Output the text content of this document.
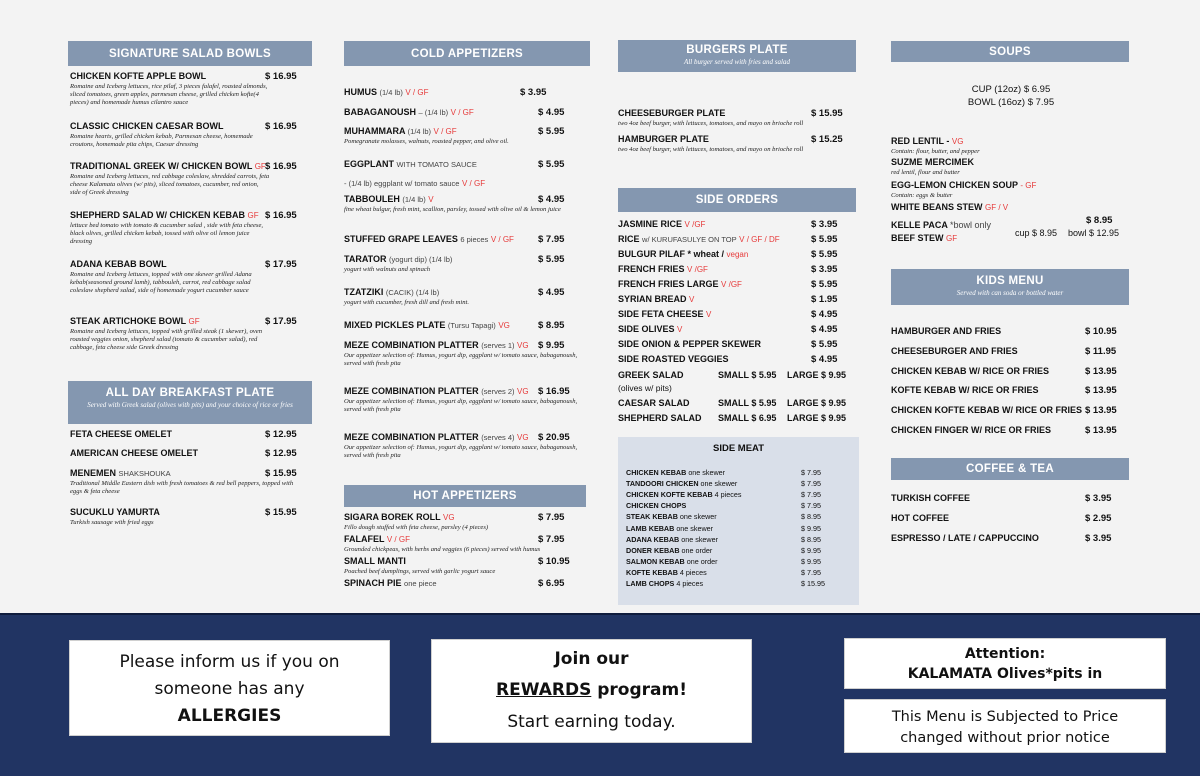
SIGNATURE SALAD BOWLS
CHICKEN KOFTE APPLE BOWL	$ 16.95
Romaine and Iceberg lettuces, rice pilaf, 3 pieces falafel, roasted almonds, sliced tomatoes, green apples, parmesan cheese, grilled chicken kofte(4 pieces) and homemade humus cilantro sauce
CLASSIC CHICKEN CAESAR BOWL	$ 16.95
Romaine hearts, grilled chicken kebab, Parmesan cheese, homemade croutons, homemade pita chips, Caesar dressing
TRADITIONAL GREEK W/ CHICKEN BOWL GF $ 16.95
Romaine and Iceberg lettuces, red cabbage coleslaw, shredded carrots, feta cheese Kalamata olives (w/ pits), sliced tomatoes, cucumber, red onion, side of Greek dressing
SHEPHERD SALAD W/ CHICKEN KEBAB GF $ 16.95
lettuce bed tomato with tomato & cucumber salad , side with feta cheese, black olives, grilled chicken kebab, tossed with olive oil lemon juice dressing
ADANA KEBAB BOWL	$ 17.95
Romaine and Iceberg lettuces, topped with one skewer grilled Adana kebab(seasoned ground lamb), tabbouleh, carrot, red cabbage salad coleslaw shepherd salad, side of homemade yogurt cucumber sauce
STEAK ARTICHOKE BOWL GF	$ 17.95
Romaine and Iceberg lettuces, topped with grilled steak (1 skewer), oven roasted veggies onion, shepherd salad (tomato & cucumber salad), red cabbage, feta cheese side Greek dressing
ALL DAY BREAKFAST PLATE
Served with Greek salad (olives with pits) and your choice of rice or fries
FETA CHEESE OMELET	$ 12.95
AMERICAN CHEESE OMELET	$ 12.95
MENEMEN SHAKSHOUKA	$ 15.95
Traditional Middle Eastern dish with fresh tomatoes & red bell peppers, topped with eggs & feta cheese
SUCUKLU YAMURTA	$ 15.95
Turkish sausage with fried eggs
COLD APPETIZERS
HUMUS (1/4 lb) V / GF	$ 3.95
BABAGANOUSH – (1/4 lb) V / GF	$ 4.95
MUHAMMARA (1/4 lb) V / GF	$ 5.95
Pomegranate molasses, walnuts, roasted pepper, and olive oil.
EGGPLANT WITH TOMATO SAUCE	$ 5.95
- (1/4 lb) eggplant w/ tomato sauce V / GF
TABBOULEH (1/4 lb) V	$ 4.95
fine wheat bulgur, fresh mint, scallion, parsley, tossed with olive oil & lemon juice
STUFFED GRAPE LEAVES 6 pieces V / GF	$ 7.95
TARATOR (yogurt dip) (1/4 lb)	$ 5.95
yogurt with walnuts and spinach
TZATZIKI (CACIK) (1/4 lb)	$ 4.95
yogurt with cucumber, fresh dill and fresh mint.
MIXED PICKLES PLATE (Tursu Tapagi) VG	$ 8.95
MEZE COMBINATION PLATTER (serves 1) VG $ 9.95
Our appetizer selection of: Humus, yogurt dip, eggplant w/ tomato sauce, babaganoush, served with fresh pita
MEZE COMBINATION PLATTER (serves 2) VG $ 16.95
Our appetizer selection of: Humus, yogurt dip, eggplant w/ tomato sauce, babaganoush, served with fresh pita
MEZE COMBINATION PLATTER (serves 4) VG $ 20.95
Our appetizer selection of: Humus, yogurt dip, eggplant w/ tomato sauce, babaganoush, served with fresh pita
HOT APPETIZERS
SIGARA BOREK ROLL VG	$ 7.95
Fillo dough stuffed with feta cheese, parsley (4 pieces)
FALAFEL V / GF	$ 7.95
Grounded chickpeas, with herbs and veggies (6 pieces) served with humus
SMALL MANTI	$ 10.95
Poached beef dumplings, served with garlic yogurt sauce
SPINACH PIE one piece	$ 6.95
BURGERS PLATE
All burger served with fries and salad
CHEESEBURGER PLATE	$ 15.95
two 4oz beef burger, with lettuces, tomatoes, and mayo on brioche roll
HAMBURGER PLATE	$ 15.25
two 4oz beef burger, with lettuces, tomatoes, and mayo on brioche roll
SIDE ORDERS
JASMINE RICE V /GF	$ 3.95
RICE w/ KURUFASULYE ON TOP V / GF / DF	$ 5.95
BULGUR PILAF * wheat / vegan	$ 5.95
FRENCH FRIES V /GF	$ 3.95
FRENCH FRIES LARGE V /GF	$ 5.95
SYRIAN BREAD V	$ 1.95
SIDE FETA CHEESE V	$ 4.95
SIDE OLIVES V	$ 4.95
SIDE ONION & PEPPER SKEWER	$ 5.95
SIDE ROASTED VEGGIES	$ 4.95
GREEK SALAD	SMALL $ 5.95 LARGE $ 9.95
(olives w/ pits)
CAESAR SALAD	SMALL $ 5.95 LARGE $ 9.95
SHEPHERD SALAD	SMALL $ 6.95 LARGE $ 9.95
SIDE MEAT
CHICKEN KEBAB one skewer	$ 7.95
TANDOORI CHICKEN one skewer	$ 7.95
CHICKEN KOFTE KEBAB 4 pieces	$ 7.95
CHICKEN CHOPS	$ 7.95
STEAK KEBAB one skewer	$ 8.95
LAMB KEBAB one skewer	$ 9.95
ADANA KEBAB one skewer	$ 8.95
DONER KEBAB one order	$ 9.95
SALMON KEBAB one order	$ 9.95
KOFTE KEBAB 4 pieces	$ 7.95
LAMB CHOPS 4 pieces	$ 15.95
SOUPS
CUP (12oz) $ 6.95
BOWL (16oz) $ 7.95
RED LENTIL - VG
Contain: flour, butter, and pepper
SUZME MERCIMEK
red lentil, flour and butter
EGG-LEMON CHICKEN SOUP - GF
Contain: eggs & butter
WHITE BEANS STEW GF / V
KELLE PACA *bowl only	$ 8.95
BEEF STEW GF
cup $ 8.95 bowl $ 12.95
KIDS MENU
Served with can soda or bottled water
HAMBURGER AND FRIES	$ 10.95
CHEESEBURGER AND FRIES	$ 11.95
CHICKEN KEBAB W/ RICE OR FRIES	$ 13.95
KOFTE KEBAB W/ RICE OR FRIES	$ 13.95
CHICKEN KOFTE KEBAB W/ RICE OR FRIES $ 13.95
CHICKEN FINGER W/ RICE OR FRIES	$ 13.95
COFFEE & TEA
TURKISH COFFEE	$ 3.95
HOT COFFEE	$ 2.95
ESPRESSO / LATE / CAPPUCCINO	$ 3.95
Please inform us if you on
someone has any
ALLERGIES
Join our
REWARDS program!
Start earning today.
Attention:
KALAMATA Olives*pits in
This Menu is Subjected to Price
changed without prior notice
